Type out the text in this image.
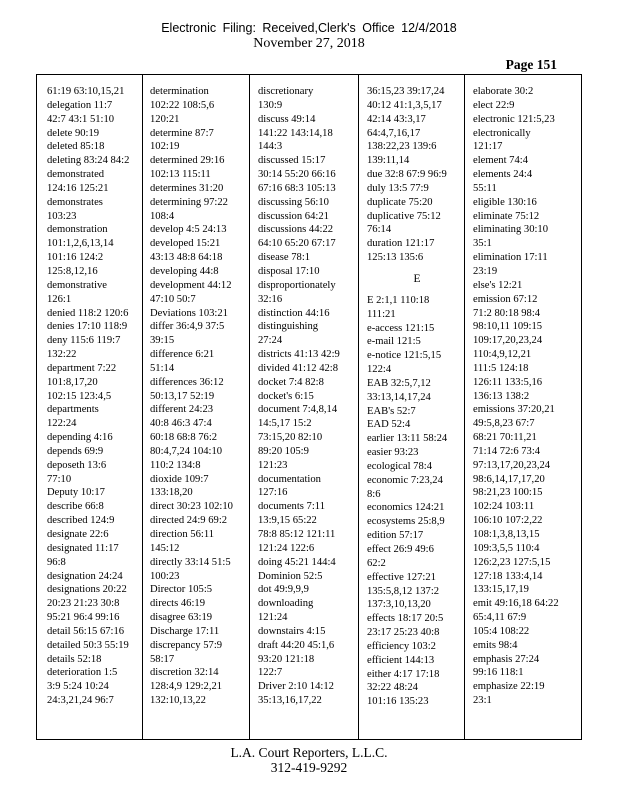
Electronic Filing: Received,Clerk's Office 12/4/2018
November 27, 2018
Page 151
61:19 63:10,15,21
delegation 11:7
42:7 43:1 51:10
delete 90:19
deleted 85:18
deleting 83:24 84:2
demonstrated
124:16 125:21
demonstrates
103:23
demonstration
101:1,2,6,13,14
101:16 124:2
125:8,12,16
demonstrative
126:1
denied 118:2 120:6
denies 17:10 118:9
deny 115:6 119:7
132:22
department 7:22
101:8,17,20
102:15 123:4,5
departments
122:24
depending 4:16
depends 69:9
deposeth 13:6
77:10
Deputy 10:17
describe 66:8
described 124:9
designate 22:6
designated 11:17
96:8
designation 24:24
designations 20:22
20:23 21:23 30:8
95:21 96:4 99:16
detail 56:15 67:16
detailed 50:3 55:19
details 52:18
deterioration 1:5
3:9 5:24 10:24
24:3,21,24 96:7
determination
102:22 108:5,6
120:21
determine 87:7
102:19
determined 29:16
102:13 115:11
determines 31:20
determining 97:22
108:4
develop 4:5 24:13
developed 15:21
43:13 48:8 64:18
developing 44:8
development 44:12
47:10 50:7
Deviations 103:21
differ 36:4,9 37:5
39:15
difference 6:21
51:14
differences 36:12
50:13,17 52:19
different 24:23
40:8 46:3 47:4
60:18 68:8 76:2
80:4,7,24 104:10
110:2 134:8
dioxide 109:7
133:18,20
direct 30:23 102:10
directed 24:9 69:2
direction 56:11
145:12
directly 33:14 51:5
100:23
Director 105:5
directs 46:19
disagree 63:19
Discharge 17:11
discrepancy 57:9
58:17
discretion 32:14
128:4,9 129:2,21
132:10,13,22
discretionary
130:9
discuss 49:14
141:22 143:14,18
144:3
discussed 15:17
30:14 55:20 66:16
67:16 68:3 105:13
discussing 56:10
discussion 64:21
discussions 44:22
64:10 65:20 67:17
disease 78:1
disposal 17:10
disproportionately
32:16
distinction 44:16
distinguishing
27:24
districts 41:13 42:9
divided 41:12 42:8
docket 7:4 82:8
docket's 6:15
document 7:4,8,14
14:5,17 15:2
73:15,20 82:10
89:20 105:9
121:23
documentation
127:16
documents 7:11
13:9,15 65:22
78:8 85:12 121:11
121:24 122:6
doing 45:21 144:4
Dominion 52:5
dot 49:9,9,9
downloading
121:24
downstairs 4:15
draft 44:20 45:1,6
93:20 121:18
122:7
Driver 2:10 14:12
35:13,16,17,22
36:15,23 39:17,24
40:12 41:1,3,5,17
42:14 43:3,17
64:4,7,16,17
138:22,23 139:6
139:11,14
due 32:8 67:9 96:9
duly 13:5 77:9
duplicate 75:20
duplicative 75:12
76:14
duration 121:17
125:13 135:6
E
E 2:1,1 110:18
111:21
e-access 121:15
e-mail 121:5
e-notice 121:5,15
122:4
EAB 32:5,7,12
33:13,14,17,24
EAB's 52:7
EAD 52:4
earlier 13:11 58:24
easier 93:23
ecological 78:4
economic 7:23,24
8:6
economics 124:21
ecosystems 25:8,9
edition 57:17
effect 26:9 49:6
62:2
effective 127:21
135:5,8,12 137:2
137:3,10,13,20
effects 18:17 20:5
23:17 25:23 40:8
efficiency 103:2
efficient 144:13
either 4:17 17:18
32:22 48:24
101:16 135:23
elaborate 30:2
elect 22:9
electronic 121:5,23
electronically
121:17
element 74:4
elements 24:4
55:11
eligible 130:16
eliminate 75:12
eliminating 30:10
35:1
elimination 17:11
23:19
else's 12:21
emission 67:12
71:2 80:18 98:4
98:10,11 109:15
109:17,20,23,24
110:4,9,12,21
111:5 124:18
126:11 133:5,16
136:13 138:2
emissions 37:20,21
49:5,8,23 67:7
68:21 70:11,21
71:14 72:6 73:4
97:13,17,20,23,24
98:6,14,17,17,20
98:21,23 100:15
102:24 103:11
106:10 107:2,22
108:1,3,8,13,15
109:3,5,5 110:4
126:2,23 127:5,15
127:18 133:4,14
133:15,17,19
emit 49:16,18 64:22
65:4,11 67:9
105:4 108:22
emits 98:4
emphasis 27:24
99:16 118:1
emphasize 22:19
23:1
L.A. Court Reporters, L.L.C.
312-419-9292
